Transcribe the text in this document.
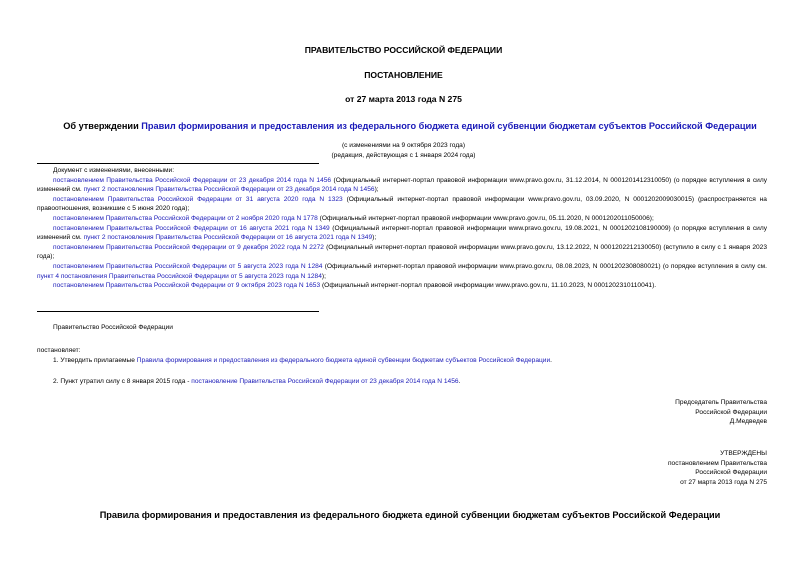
ПРАВИТЕЛЬСТВО РОССИЙСКОЙ ФЕДЕРАЦИИ
ПОСТАНОВЛЕНИЕ
от 27 марта 2013 года N 275
Об утверждении Правил формирования и предоставления из федерального бюджета единой субвенции бюджетам субъектов Российской Федерации
(с изменениями на 9 октября 2023 года)
(редакция, действующая с 1 января 2024 года)

Документ с изменениями, внесенными:

постановлением Правительства Российской Федерации от 23 декабря 2014 года N 1456 (Официальный интернет-портал правовой информации www.pravo.gov.ru, 31.12.2014, N 0001201412310050) (о порядке вступления в силу изменений см. пункт 2 постановления Правительства Российской Федерации от 23 декабря 2014 года N 1456);

постановлением Правительства Российской Федерации от 31 августа 2020 года N 1323 (Официальный интернет-портал правовой информации www.pravo.gov.ru, 03.09.2020, N 0001202009030015) (распространяется на правоотношения, возникшие с 5 июня 2020 года);

постановлением Правительства Российской Федерации от 2 ноября 2020 года N 1778 (Официальный интернет-портал правовой информации www.pravo.gov.ru, 05.11.2020, N 0001202011050006);

постановлением Правительства Российской Федерации от 16 августа 2021 года N 1349 (Официальный интернет-портал правовой информации www.pravo.gov.ru, 19.08.2021, N 0001202108190009) (о порядке вступления в силу изменений см. пункт 2 постановления Правительства Российской Федерации от 16 августа 2021 года N 1349);

постановлением Правительства Российской Федерации от 9 декабря 2022 года N 2272 (Официальный интернет-портал правовой информации www.pravo.gov.ru, 13.12.2022, N 0001202212130050) (вступило в силу с 1 января 2023 года);

постановлением Правительства Российской Федерации от 5 августа 2023 года N 1284 (Официальный интернет-портал правовой информации www.pravo.gov.ru, 08.08.2023, N 0001202308080021) (о порядке вступления в силу см. пункт 4 постановления Правительства Российской Федерации от 5 августа 2023 года N 1284);

постановлением Правительства Российской Федерации от 9 октября 2023 года N 1653 (Официальный интернет-портал правовой информации www.pravo.gov.ru, 11.10.2023, N 0001202310110041).

Правительство Российской Федерации
постановляет:
1. Утвердить прилагаемые Правила формирования и предоставления из федерального бюджета единой субвенции бюджетам субъектов Российской Федерации.
2. Пункт утратил силу с 8 января 2015 года - постановление Правительства Российской Федерации от 23 декабря 2014 года N 1456.
Председатель Правительства
Российской Федерации
Д.Медведев
УТВЕРЖДЕНЫ
постановлением Правительства
Российской Федерации
от 27 марта 2013 года N 275
Правила формирования и предоставления из федерального бюджета единой субвенции бюджетам субъектов Российской Федерации
